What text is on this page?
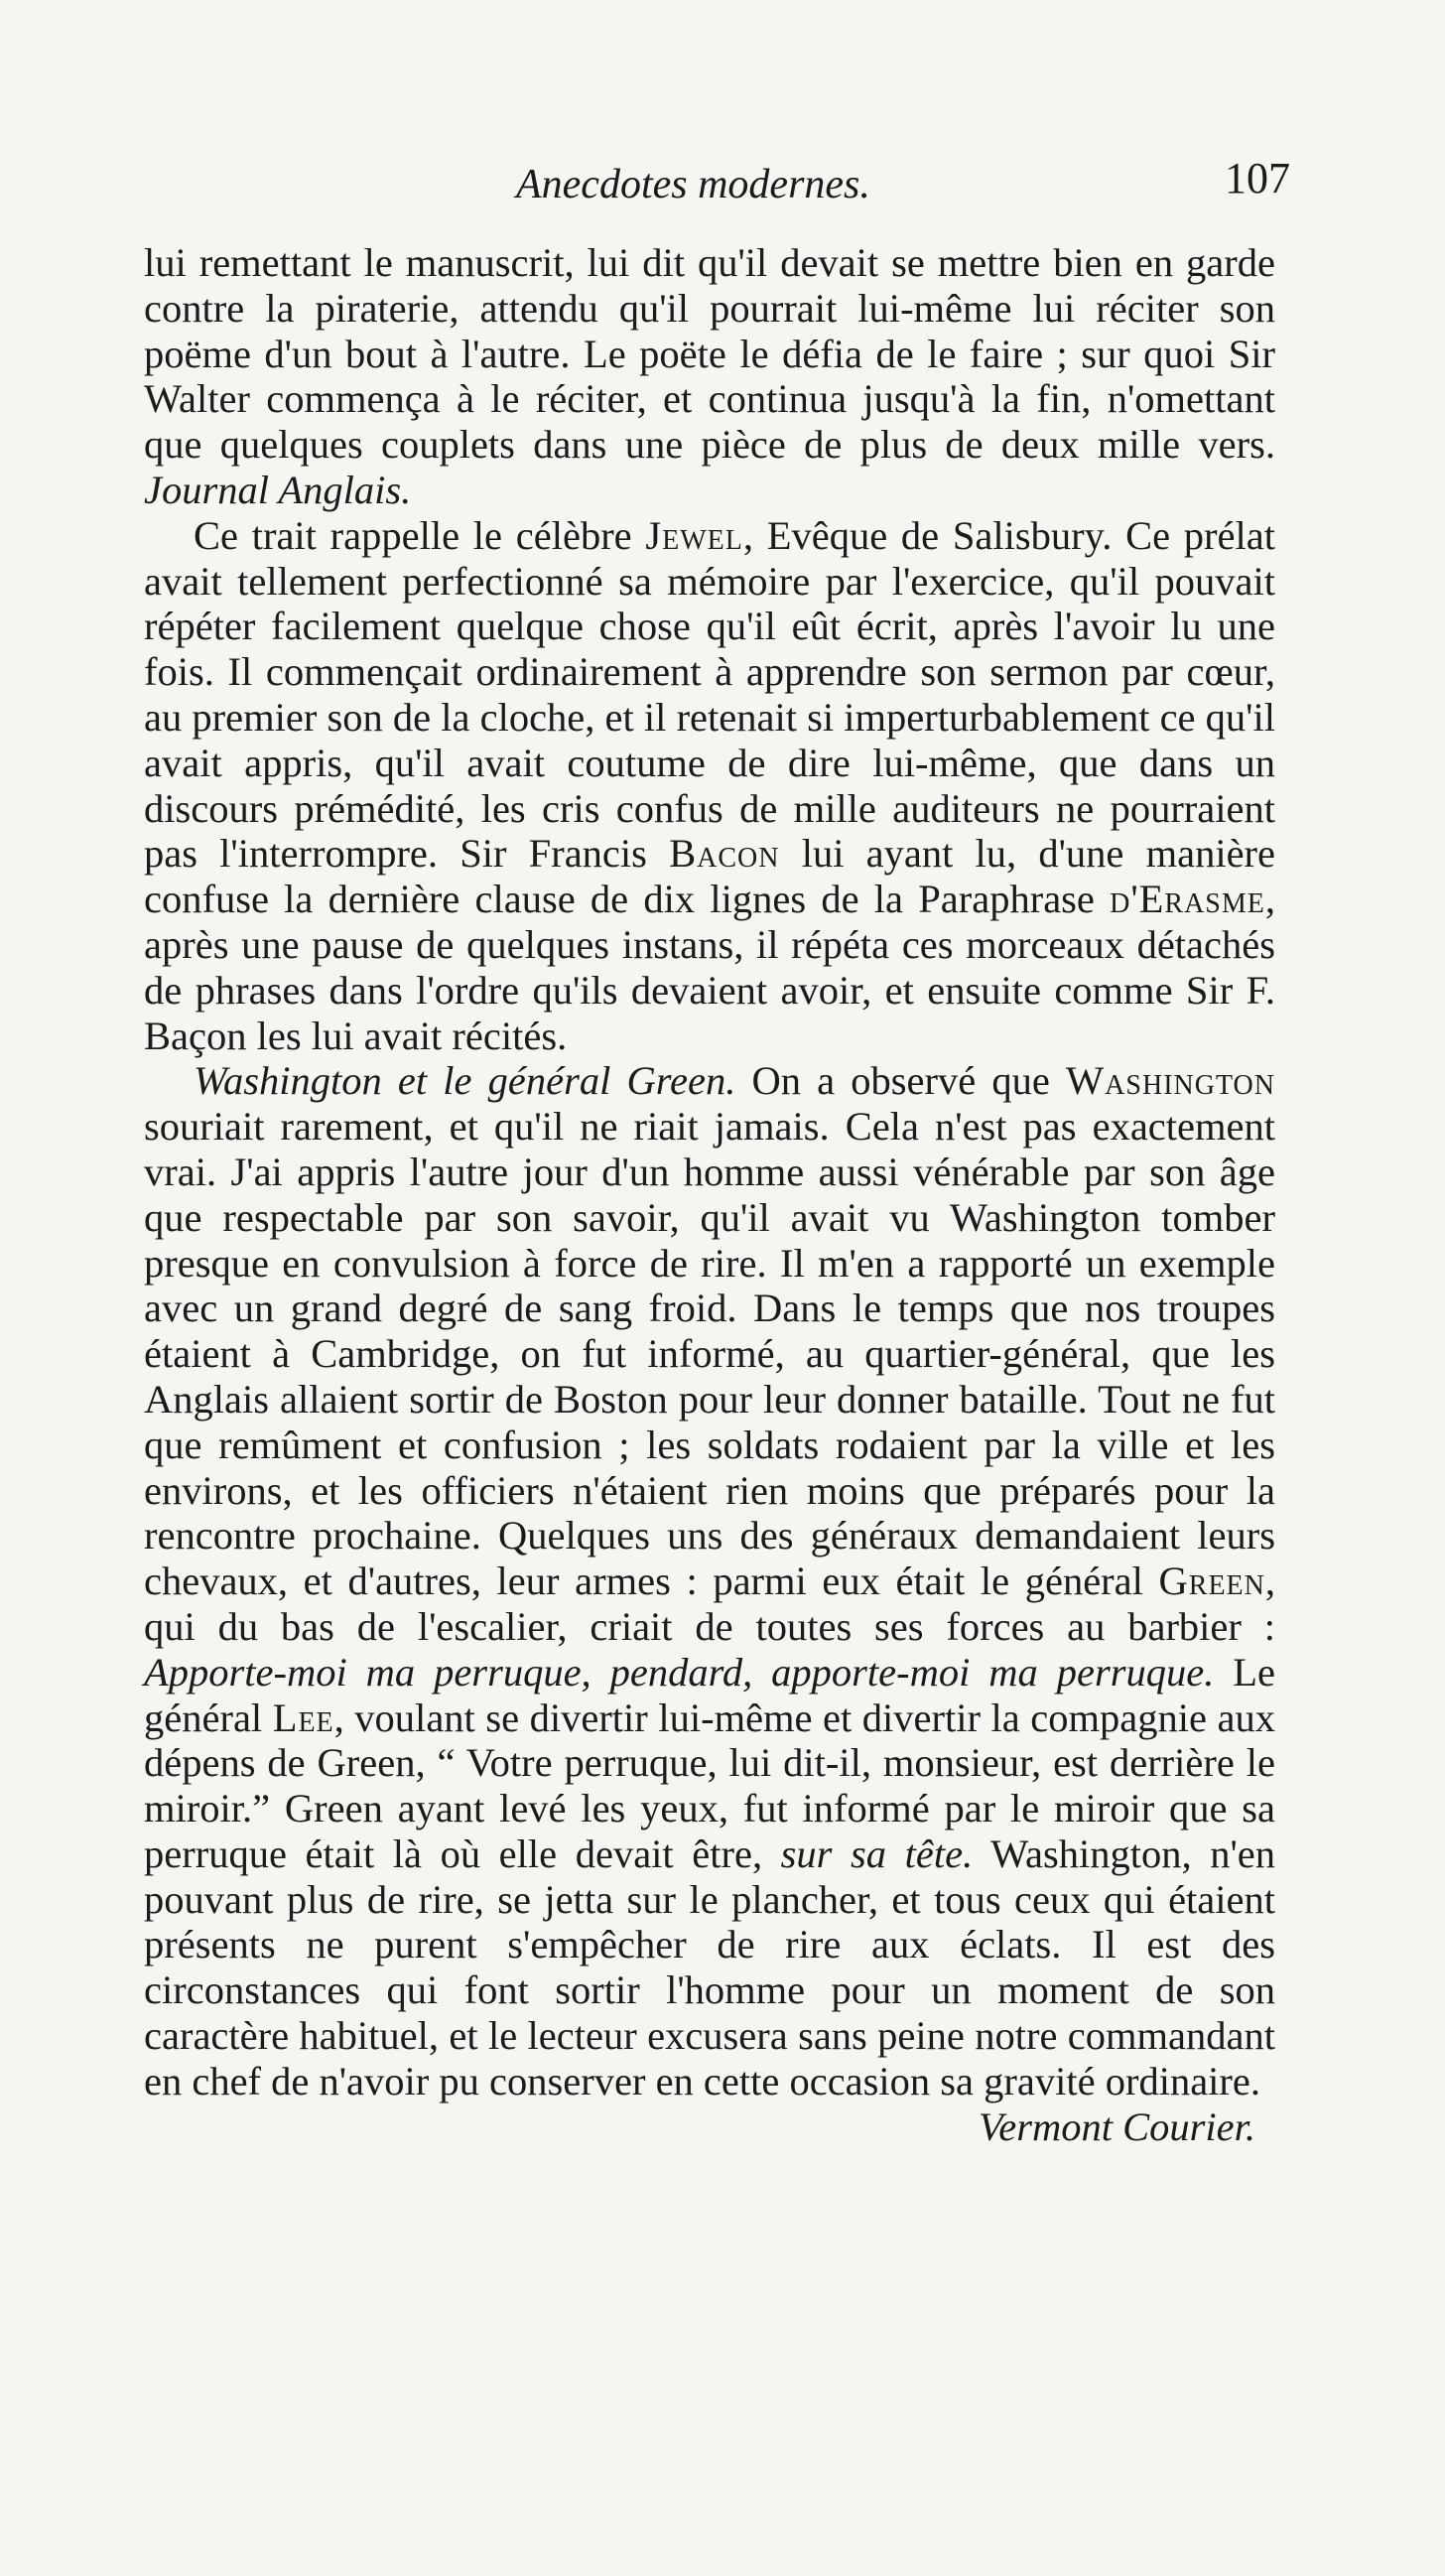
Anecdotes modernes.	107

lui remettant le manuscrit, lui dit qu'il devait se mettre bien en garde contre la piraterie, attendu qu'il pourrait lui-même lui réciter son poëme d'un bout à l'autre. Le poëte le défia de le faire ; sur quoi Sir Walter commença à le réciter, et continua jusqu'à la fin, n'omettant que quelques couplets dans une pièce de plus de deux mille vers. Journal Anglais.

Ce trait rappelle le célèbre Jewel, Evêque de Salisbury. Ce prélat avait tellement perfectionné sa mémoire par l'exercice, qu'il pouvait répéter facilement quelque chose qu'il eût écrit, après l'avoir lu une fois. Il commençait ordinairement à apprendre son sermon par cœur, au premier son de la cloche, et il retenait si imperturbablement ce qu'il avait appris, qu'il avait coutume de dire lui-même, que dans un discours prémédité, les cris confus de mille auditeurs ne pourraient pas l'interrompre. Sir Francis Bacon lui ayant lu, d'une manière confuse la dernière clause de dix lignes de la Paraphrase d'Erasme, après une pause de quelques instans, il répéta ces morceaux détachés de phrases dans l'ordre qu'ils devaient avoir, et ensuite comme Sir F. Baçon les lui avait récités.

Washington et le général Green. On a observé que Washington souriait rarement, et qu'il ne riait jamais. Cela n'est pas exactement vrai. J'ai appris l'autre jour d'un homme aussi vénérable par son âge que respectable par son savoir, qu'il avait vu Washington tomber presque en convulsion à force de rire. Il m'en a rapporté un exemple avec un grand degré de sang froid. Dans le temps que nos troupes étaient à Cambridge, on fut informé, au quartier-général, que les Anglais allaient sortir de Boston pour leur donner bataille. Tout ne fut que remûment et confusion ; les soldats rodaient par la ville et les environs, et les officiers n'étaient rien moins que préparés pour la rencontre prochaine. Quelques uns des généraux demandaient leurs chevaux, et d'autres, leur armes : parmi eux était le général Green, qui du bas de l'escalier, criait de toutes ses forces au barbier : Apporte-moi ma perruque, pendard, apporte-moi ma perruque. Le général Lee, voulant se divertir lui-même et divertir la compagnie aux dépens de Green, “ Votre perruque, lui dit-il, monsieur, est derrière le miroir.” Green ayant levé les yeux, fut informé par le miroir que sa perruque était là où elle devait être, sur sa tête. Washington, n'en pouvant plus de rire, se jetta sur le plancher, et tous ceux qui étaient présents ne purent s'empêcher de rire aux éclats. Il est des circonstances qui font sortir l'homme pour un moment de son caractère habituel, et le lecteur excusera sans peine notre commandant en chef de n'avoir pu conserver en cette occasion sa gravité ordinaire.
Vermont Courier.
